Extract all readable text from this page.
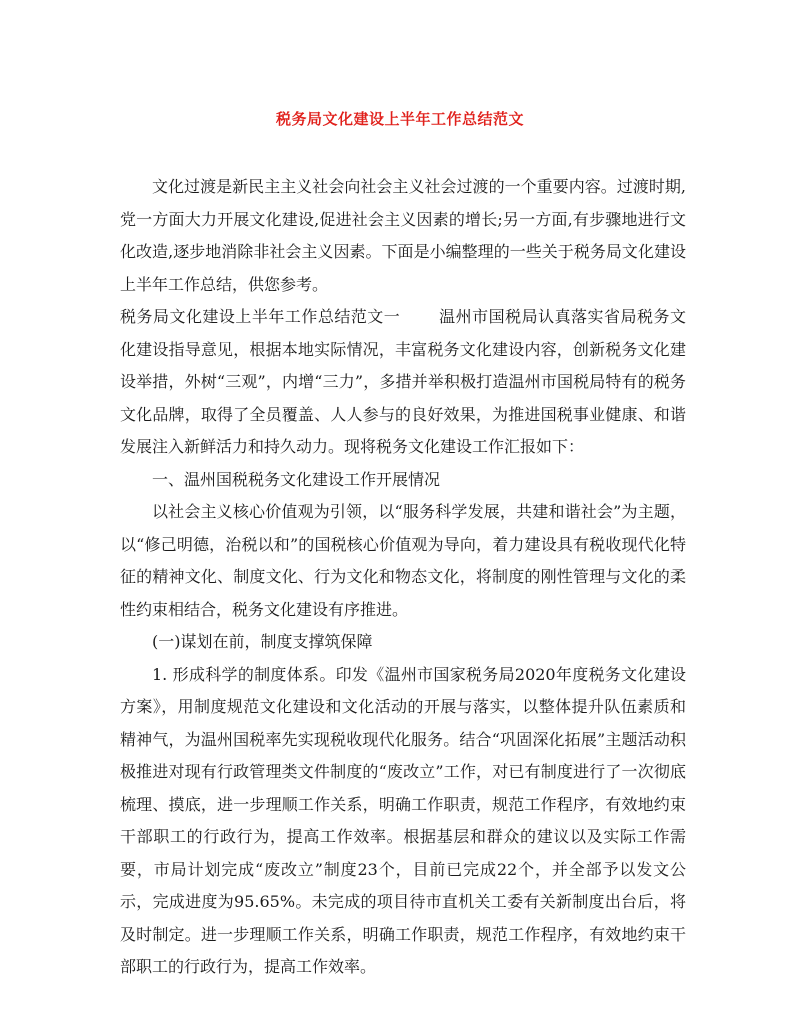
税务局文化建设上半年工作总结范文

文化过渡是新民主主义社会向社会主义社会过渡的一个重要内容。过渡时期,党一方面大力开展文化建设,促进社会主义因素的增长;另一方面,有步骤地进行文化改造,逐步地消除非社会主义因素。下面是小编整理的一些关于税务局文化建设上半年工作总结，供您参考。

税务局文化建设上半年工作总结范文一 温州市国税局认真落实省局税务文化建设指导意见，根据本地实际情况，丰富税务文化建设内容，创新税务文化建设举措，外树“三观”，内增“三力”，多措并举积极打造温州市国税局特有的税务文化品牌，取得了全员覆盖、人人参与的良好效果，为推进国税事业健康、和谐发展注入新鲜活力和持久动力。现将税务文化建设工作汇报如下：

一、温州国税税务文化建设工作开展情况

以社会主义核心价值观为引领，以“服务科学发展，共建和谐社会”为主题，以“修己明德，治税以和”的国税核心价值观为导向，着力建设具有税收现代化特征的精神文化、制度文化、行为文化和物态文化，将制度的刚性管理与文化的柔性约束相结合，税务文化建设有序推进。

(一)谋划在前，制度支撑筑保障

1. 形成科学的制度体系。印发《温州市国家税务局2020年度税务文化建设方案》，用制度规范文化建设和文化活动的开展与落实，以整体提升队伍素质和精神气，为温州国税率先实现税收现代化服务。结合“巩固深化拓展”主题活动积极推进对现有行政管理类文件制度的“废改立”工作，对已有制度进行了一次彻底梳理、摸底，进一步理顺工作关系，明确工作职责，规范工作程序，有效地约束干部职工的行政行为，提高工作效率。根据基层和群众的建议以及实际工作需要，市局计划完成“废改立”制度23个，目前已完成22个，并全部予以发文公示，完成进度为95.65%。未完成的项目待市直机关工委有关新制度出台后，将及时制定。进一步理顺工作关系，明确工作职责，规范工作程序，有效地约束干部职工的行政行为，提高工作效率。
